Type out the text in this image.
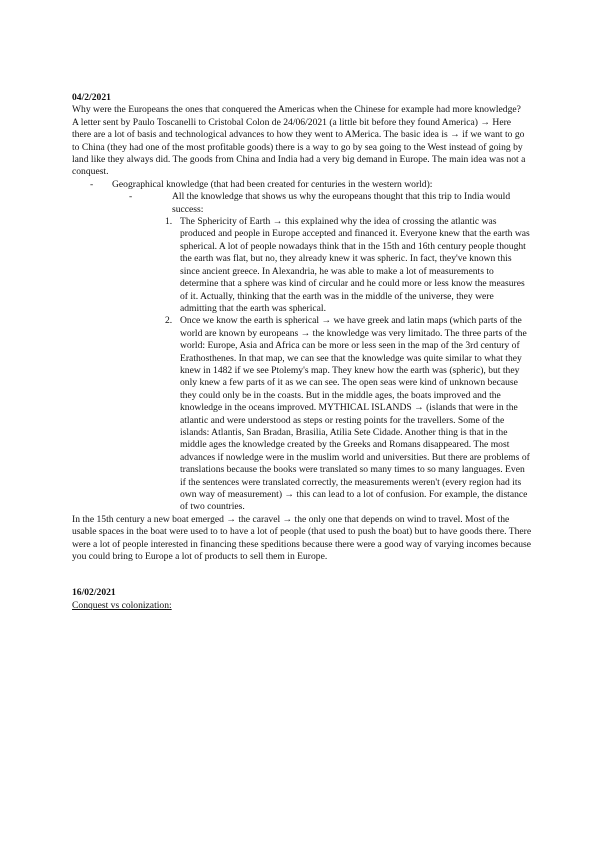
04/2/2021

Why were the Europeans the ones that conquered the Americas when the Chinese for example had more knowledge?

A letter sent by Paulo Toscanelli to Cristobal Colon de 24/06/2021 (a little bit before they found America) → Here there are a lot of basis and technological advances to how they went to AMerica. The basic idea is → if we want to go to China (they had one of the most profitable goods) there is a way to go by sea going to the West instead of going by land like they always did. The goods from China and India had a very big demand in Europe. The main idea was not a conquest.

- Geographical knowledge (that had been created for centuries in the western world):
-	All the knowledge that shows us why the europeans thought that this trip to India would success:
1. The Sphericity of Earth → this explained why the idea of crossing the atlantic was produced and people in Europe accepted and financed it. Everyone knew that the earth was spherical. A lot of people nowadays think that in the 15th and 16th century people thought the earth was flat, but no, they already knew it was spheric. In fact, they've known this since ancient greece. In Alexandria, he was able to make a lot of measurements to determine that a sphere was kind of circular and he could more or less know the measures of it. Actually, thinking that the earth was in the middle of the universe, they were admitting that the earth was spherical.
2. Once we know the earth is spherical → we have greek and latin maps (which parts of the world are known by europeans → the knowledge was very limitado. The three parts of the world: Europe, Asia and Africa can be more or less seen in the map of the 3rd century of Erathosthenes. In that map, we can see that the knowledge was quite similar to what they knew in 1482 if we see Ptolemy's map. They knew how the earth was (spheric), but they only knew a few parts of it as we can see. The open seas were kind of unknown because they could only be in the coasts. But in the middle ages, the boats improved and the knowledge in the oceans improved. MYTHICAL ISLANDS → (islands that were in the atlantic and were understood as steps or resting points for the travellers. Some of the islands: Atlantis, San Bradan, Brasilia, Atilia Sete Cidade. Another thing is that in the middle ages the knowledge created by the Greeks and Romans disappeared. The most advances if nowledge were in the muslim world and universities. But there are problems of translations because the books were translated so many times to so many languages. Even if the sentences were translated correctly, the measurements weren't (every region had its own way of measurement) → this can lead to a lot of confusion. For example, the distance of two countries.

In the 15th century a new boat emerged → the caravel → the only one that depends on wind to travel. Most of the usable spaces in the boat were used to to have a lot of people (that used to push the boat) but to have goods there. There were a lot of people interested in financing these speditions because there were a good way of varying incomes because you could bring to Europe a lot of products to sell them in Europe.

16/02/2021

Conquest vs colonization:
